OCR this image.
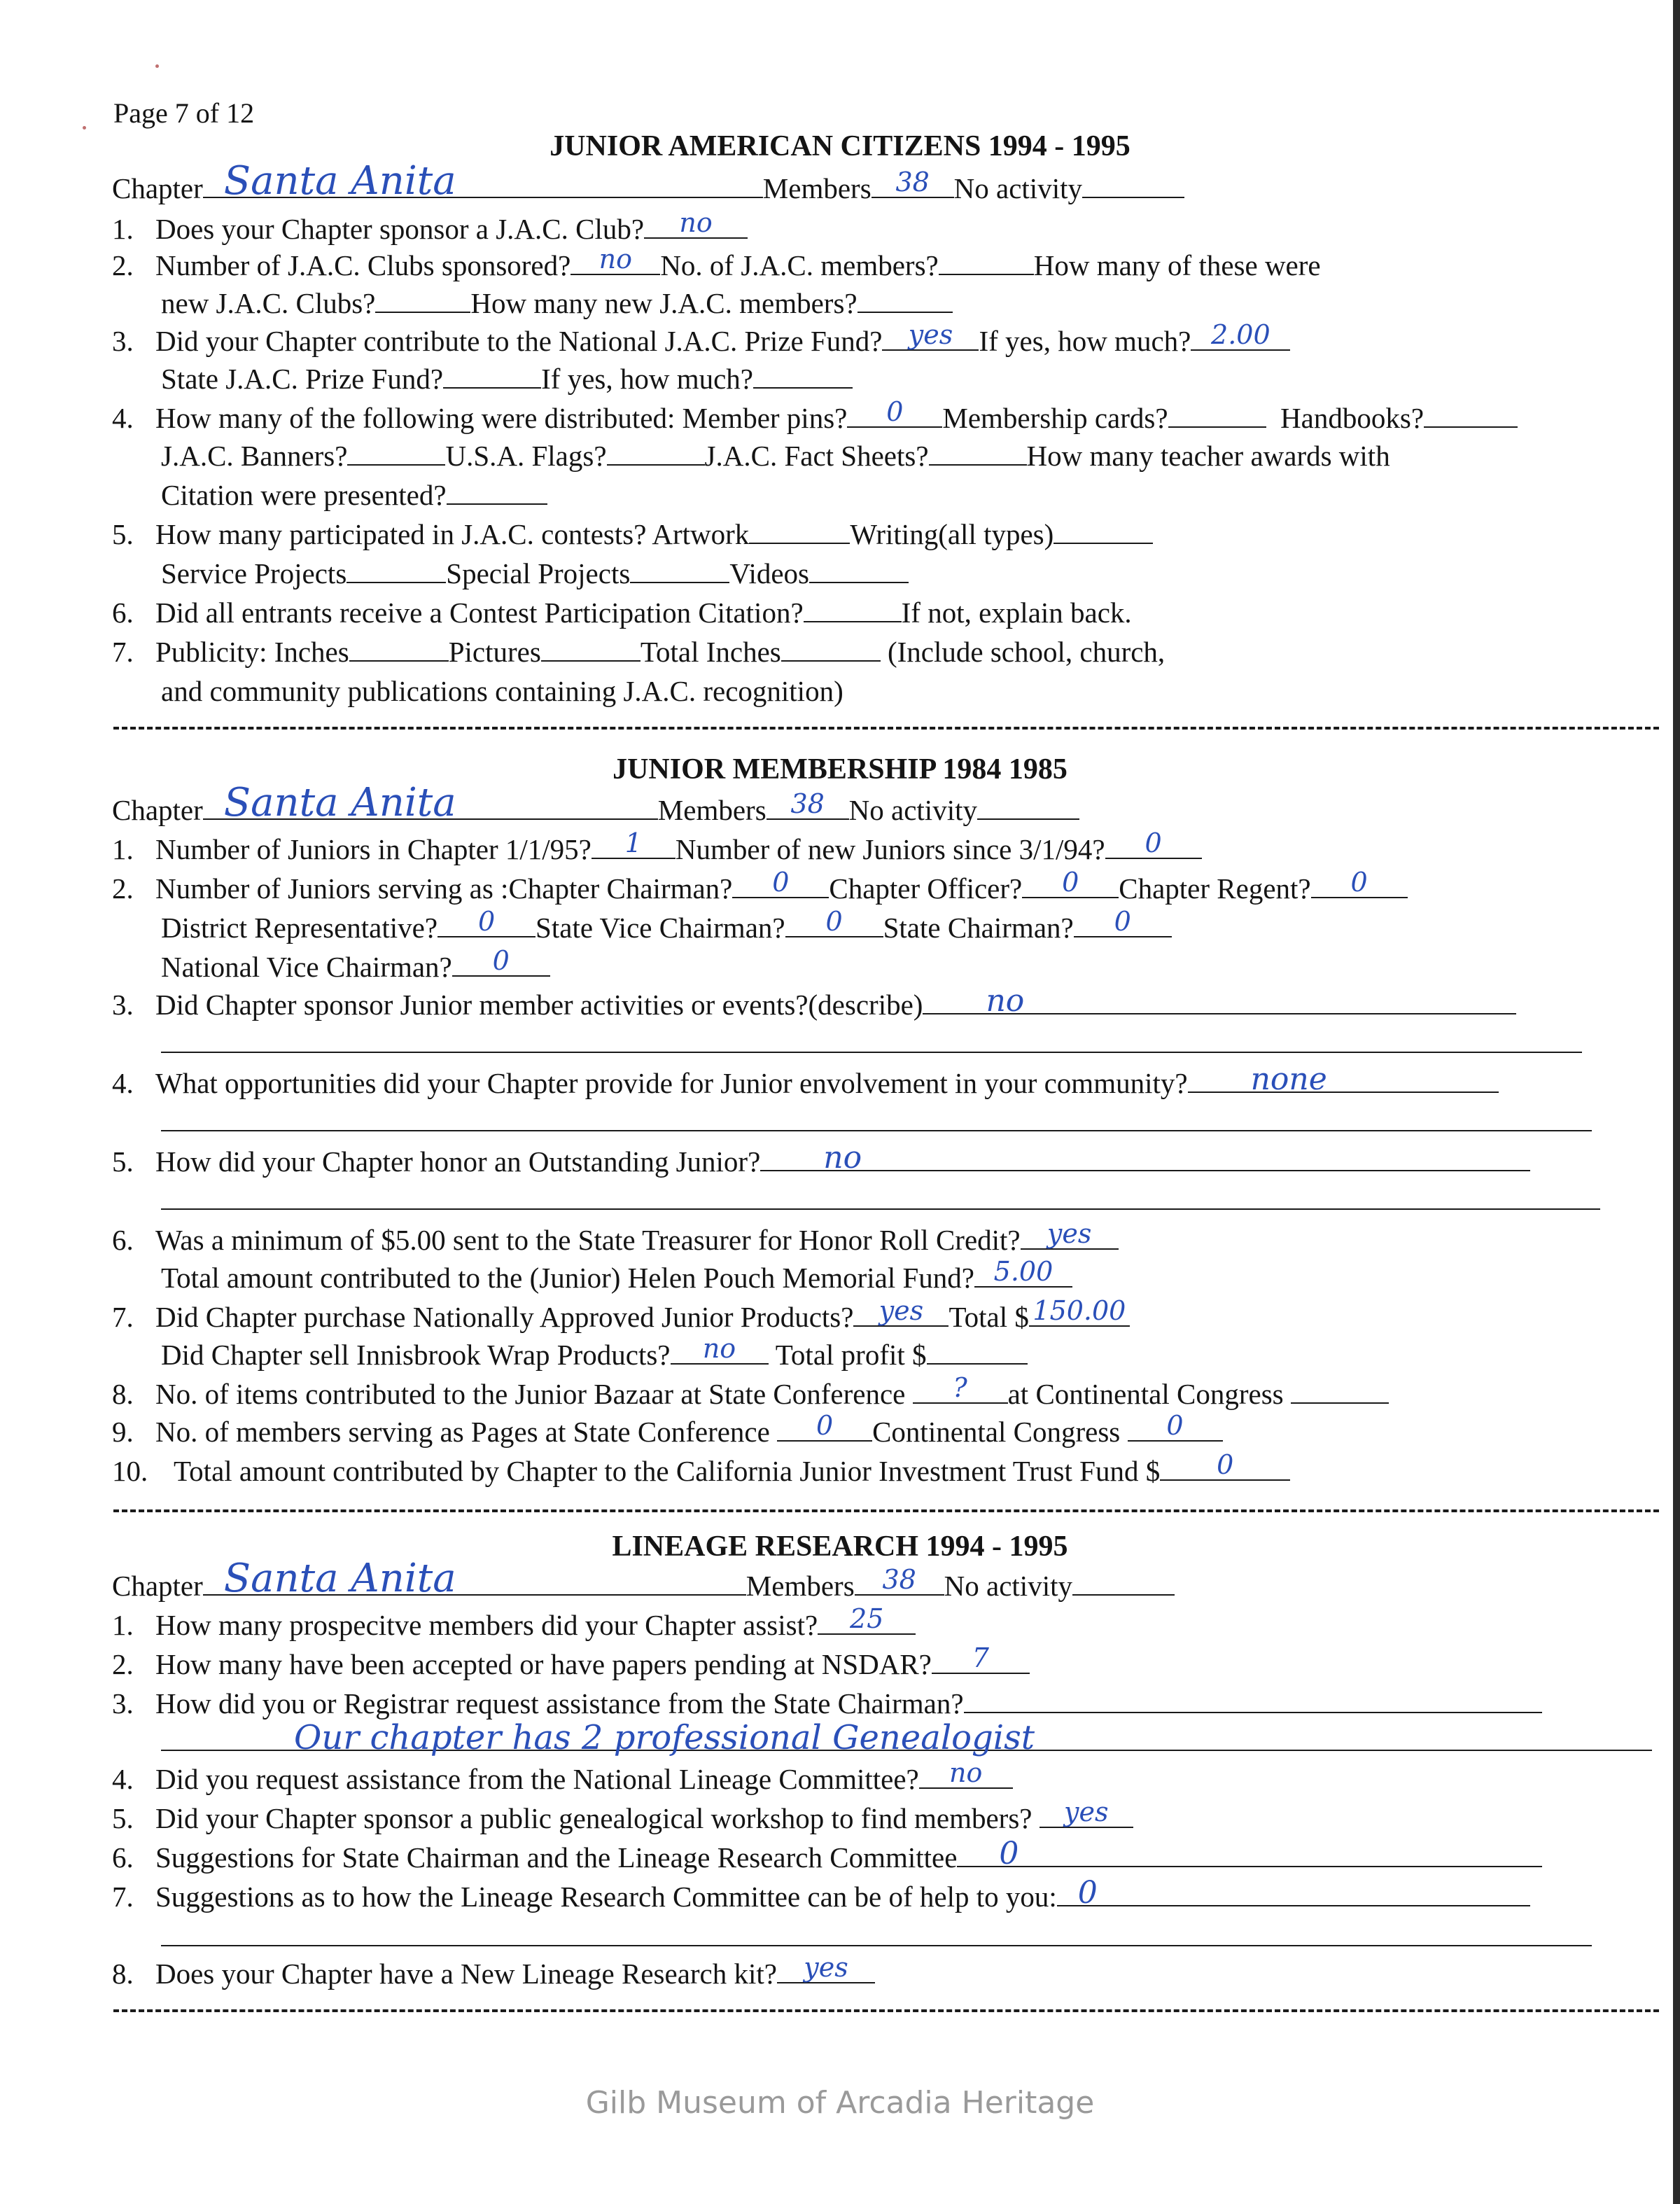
Page 7 of 12
JUNIOR AMERICAN CITIZENS 1994 - 1995
Chapter Santa Anita	Members 38 No activity
1. Does your Chapter sponsor a J.A.C. Club?	no
2. Number of J.A.C. Clubs sponsored?	no No. of J.A.C. members?	How many of these were
new J.A.C. Clubs?	How many new J.A.C. members?
3. Did your Chapter contribute to the National J.A.C. Prize Fund? yes If yes, how much? 2.00
State J.A.C. Prize Fund?	If yes, how much?
4. How many of the following were distributed: Member pins?	0	Membership cards?	Handbooks?
J.A.C. Banners?	U.S.A. Flags?	J.A.C. Fact Sheets?	How many teacher awards with
Citation were presented?
5. How many participated in J.A.C. contests? Artwork	Writing(all types)
Service Projects	Special Projects	Videos
6. Did all entrants receive a Contest Participation Citation?	If not, explain back.
7. Publicity: Inches	Pictures	Total Inches	(Include school, church,
and community publications containing J.A.C. recognition)
JUNIOR MEMBERSHIP 1984 1985
Chapter Santa Anita	Members 38 No activity
1. Number of Juniors in Chapter 1/1/95?	1	Number of new Juniors since 3/1/94?	0
2. Number of Juniors serving as :Chapter Chairman?	0	Chapter Officer?	0	Chapter Regent?	0
District Representative?	0	State Vice Chairman?	0	State Chairman?	0
National Vice Chairman?	0
3. Did Chapter sponsor Junior member activities or events?(describe) no
4. What opportunities did your Chapter provide for Junior envolvement in your community? none
5. How did your Chapter honor an Outstanding Junior? no
6. Was a minimum of $5.00 sent to the State Treasurer for Honor Roll Credit?	yes
Total amount contributed to the (Junior) Helen Pouch Memorial Fund? 5.00
7. Did Chapter purchase Nationally Approved Junior Products? yes Total $ 150.00
Did Chapter sell Innisbrook Wrap Products?	no	Total profit $
8. No. of items contributed to the Junior Bazaar at State Conference	?	at Continental Congress
9. No. of members serving as Pages at State Conference	0	Continental Congress	0
10. Total amount contributed by Chapter to the California Junior Investment Trust Fund $	0
LINEAGE RESEARCH 1994 - 1995
Chapter Santa Anita	Members	38 No activity
1. How many prospecitve members did your Chapter assist?	25
2. How many have been accepted or have papers pending at NSDAR?	7
3. How did you or Registrar request assistance from the State Chairman?
Our chapter has 2 professional Genealogist
4. Did you request assistance from the National Lineage Committee?	no
5. Did your Chapter sponsor a public genealogical workshop to find members?	yes
6. Suggestions for State Chairman and the Lineage Research Committee 0
7. Suggestions as to how the Lineage Research Committee can be of help to you: 0
8. Does your Chapter have a New Lineage Research kit?	yes
Gilb Museum of Arcadia Heritage
